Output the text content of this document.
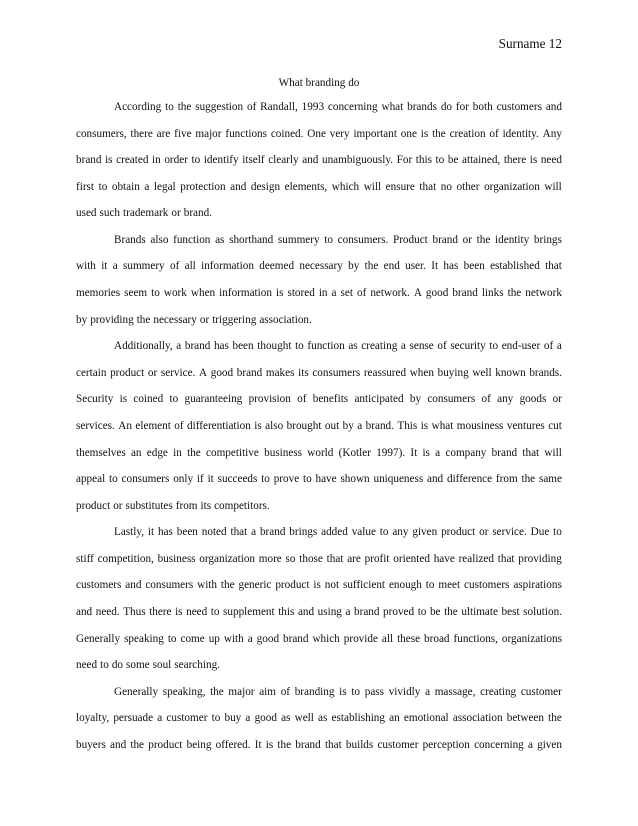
Surname 12
What branding do
According to the suggestion of Randall, 1993 concerning what brands do for both customers and
consumers, there are five major functions coined. One very important one is the creation of identity. Any
brand is created in order to identify itself clearly and unambiguously. For this to be attained, there is need
first to obtain a legal protection and design elements, which will ensure that no other organization will
used such trademark or brand.
Brands also function as shorthand summery to consumers. Product brand or the identity brings
with it a summery of all information deemed necessary by the end user. It has been established that
memories seem to work when information is stored in a set of network. A good brand links the network
by providing the necessary or triggering association.
Additionally, a brand has been thought to function as creating a sense of security to end-user of a
certain product or service. A good brand makes its consumers reassured when buying well known brands.
Security is coined to guaranteeing provision of benefits anticipated by consumers of any goods or
services. An element of differentiation is also brought out by a brand. This is what mousiness ventures cut
themselves an edge in the competitive business world (Kotler 1997). It is a company brand that will
appeal to consumers only if it succeeds to prove to have shown uniqueness and difference from the same
product or substitutes from its competitors.
Lastly, it has been noted that a brand brings added value to any given product or service. Due to
stiff competition, business organization more so those that are profit oriented have realized that providing
customers and consumers with the generic product is not sufficient enough to meet customers aspirations
and need. Thus there is need to supplement this and using a brand proved to be the ultimate best solution.
Generally speaking to come up with a good brand which provide all these broad functions, organizations
need to do some soul searching.
Generally speaking, the major aim of branding is to pass vividly a massage, creating customer
loyalty, persuade a customer to buy a good as well as establishing an emotional association between the
buyers and the product being offered. It is the brand that builds customer perception concerning a given
